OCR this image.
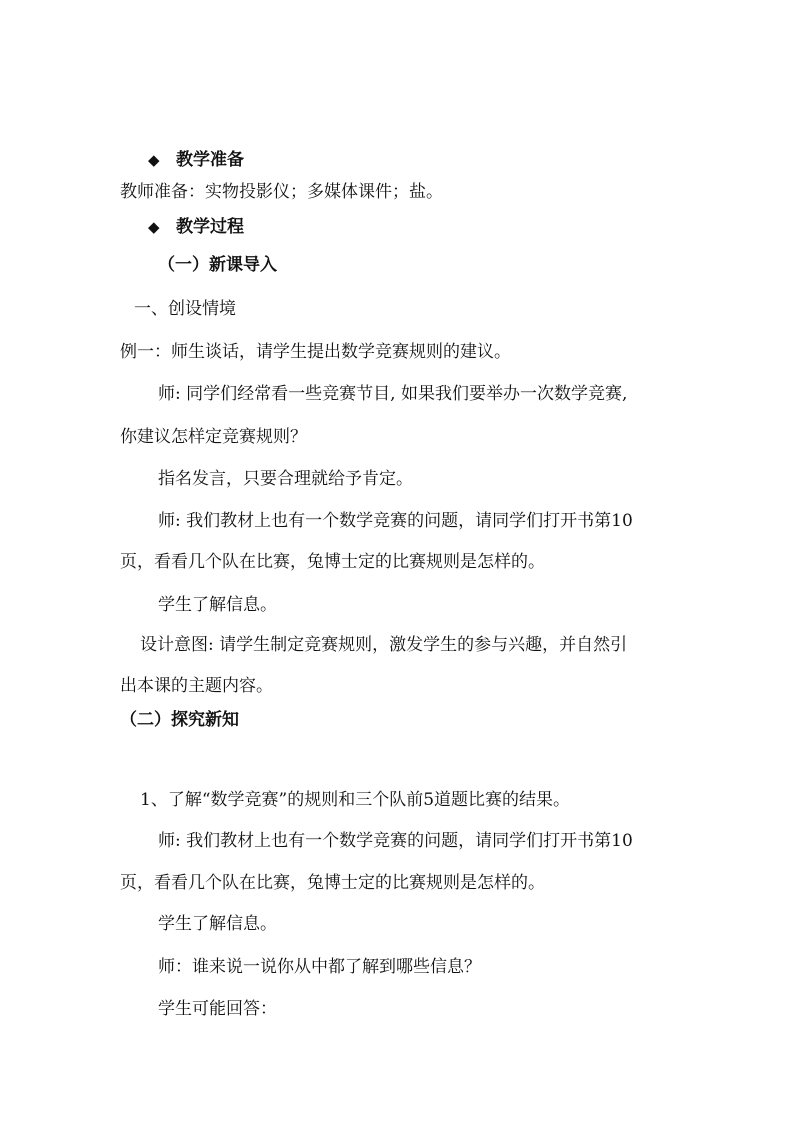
◆ 教学准备

教师准备：实物投影仪；多媒体课件；盐。

◆ 教学过程

（一）新课导入

一、创设情境

例一：师生谈话，请学生提出数学竞赛规则的建议。

师: 同学们经常看一些竞赛节目, 如果我们要举办一次数学竞赛,

你建议怎样定竞赛规则？

指名发言，只要合理就给予肯定。

师: 我们教材上也有一个数学竞赛的问题，请同学们打开书第10

页，看看几个队在比赛，兔博士定的比赛规则是怎样的。

学生了解信息。

设计意图: 请学生制定竞赛规则，激发学生的参与兴趣，并自然引

出本课的主题内容。

（二）探究新知

1、了解“数学竞赛”的规则和三个队前5道题比赛的结果。

师: 我们教材上也有一个数学竞赛的问题，请同学们打开书第10

页，看看几个队在比赛，兔博士定的比赛规则是怎样的。

学生了解信息。

师：谁来说一说你从中都了解到哪些信息？

学生可能回答：
